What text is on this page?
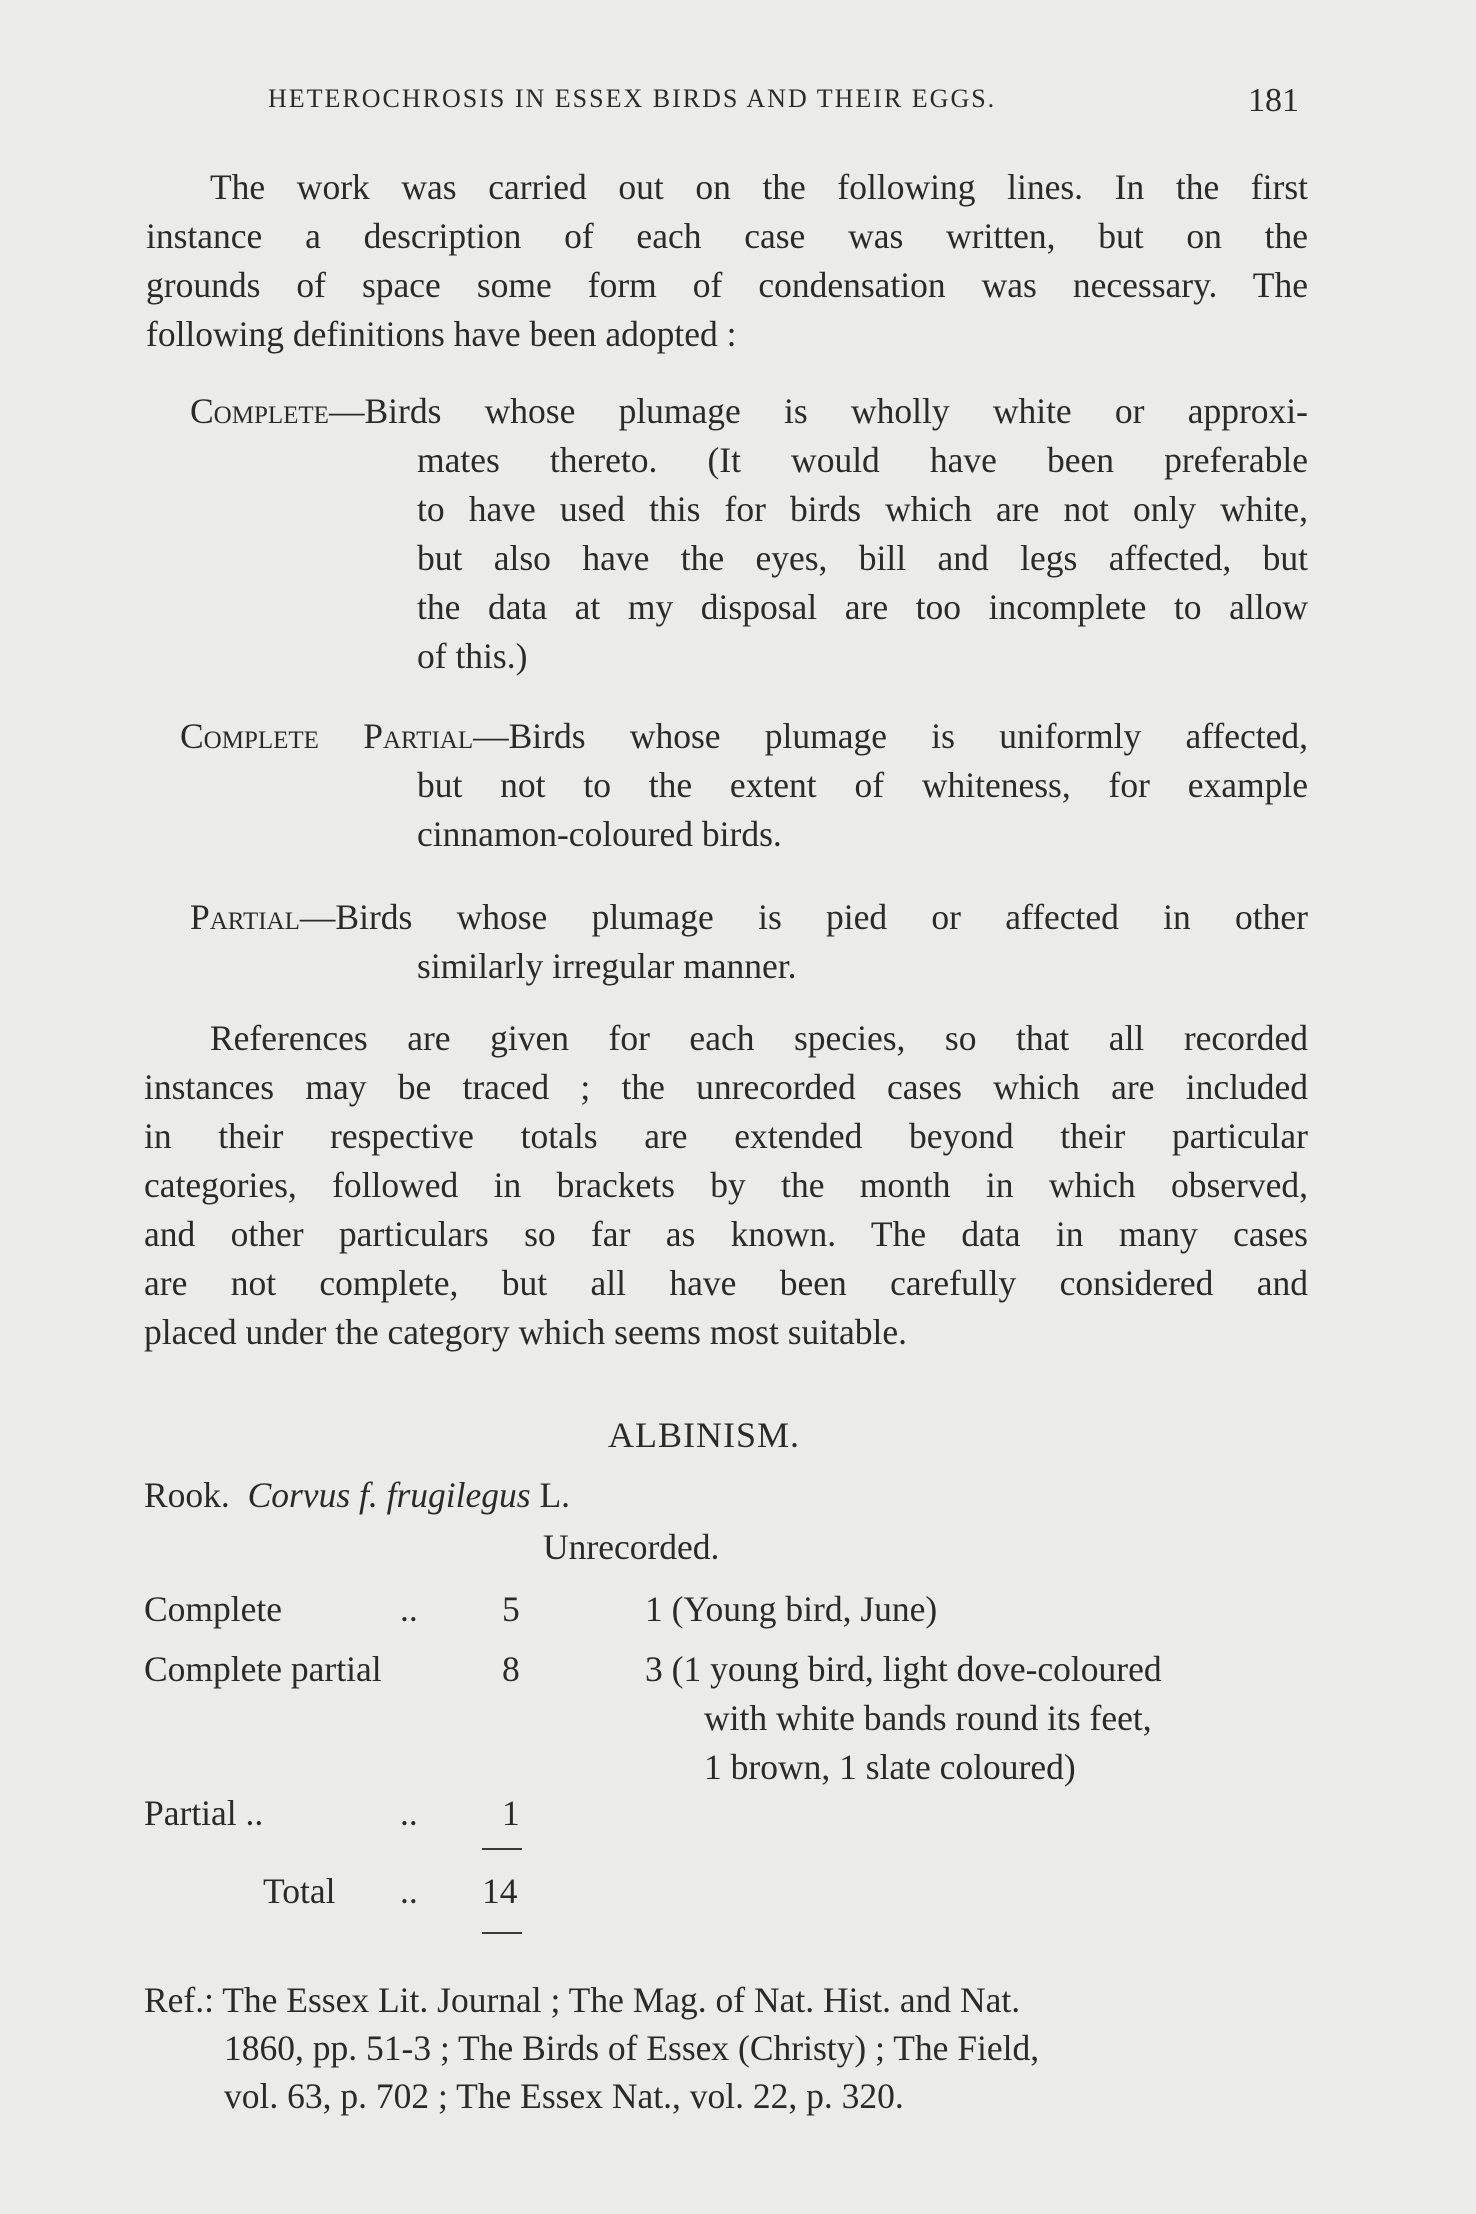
HETEROCHROSIS IN ESSEX BIRDS AND THEIR EGGS.	181
The work was carried out on the following lines. In the first
instance a description of each case was written, but on the
grounds of space some form of condensation was necessary. The
following definitions have been adopted :
Complete—Birds whose plumage is wholly white or approxi-
mates thereto. (It would have been preferable
to have used this for birds which are not only white,
but also have the eyes, bill and legs affected, but
the data at my disposal are too incomplete to allow
of this.)
Complete Partial—Birds whose plumage is uniformly affected,
but not to the extent of whiteness, for example
cinnamon-coloured birds.
Partial—Birds whose plumage is pied or affected in other
similarly irregular manner.
References are given for each species, so that all recorded
instances may be traced ; the unrecorded cases which are included
in their respective totals are extended beyond their particular
categories, followed in brackets by the month in which observed,
and other particulars so far as known. The data in many cases
are not complete, but all have been carefully considered and
placed under the category which seems most suitable.
ALBINISM.
Rook. Corvus f. frugilegus L.
Unrecorded.
Complete	.. 5	1 (Young bird, June)
Complete partial	8	3 (1 young bird, light dove-coloured
with white bands round its feet,
1 brown, 1 slate coloured)
Partial ..	.. 1
Total .. 14
Ref.: The Essex Lit. Journal ; The Mag. of Nat. Hist. and Nat.
1860, pp. 51-3 ; The Birds of Essex (Christy) ; The Field,
vol. 63, p. 702 ; The Essex Nat., vol. 22, p. 320.
